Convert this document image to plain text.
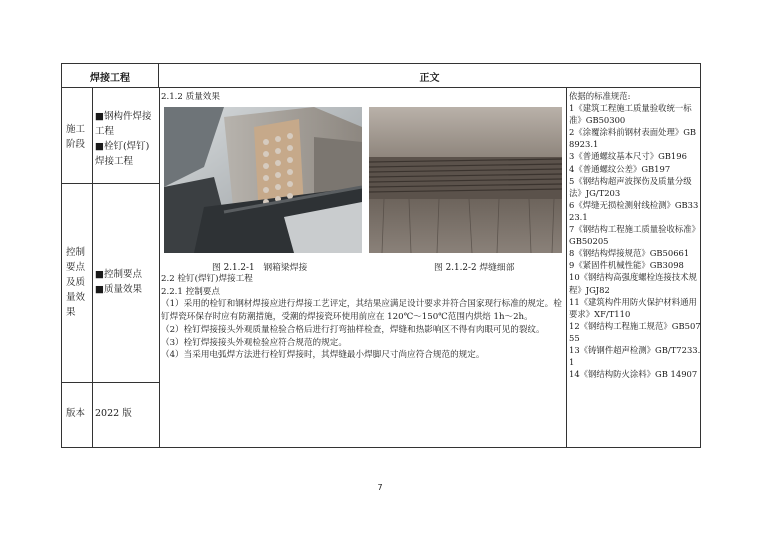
焊接工程	正文
施工
阶段
■钢构件焊接
工程
■栓钉(焊钉)
焊接工程
控制
要点
及质
量效
果
■控制要点
■质量效果
版本 2022 版

2.1.2 质量效果

图 2.1.2-1　钢箱梁焊接	图 2.1.2-2 焊缝细部

2.2 栓钉(焊钉)焊接工程

2.2.1 控制要点

（1）采用的栓钉和钢材焊接应进行焊接工艺评定，其结果应满足设计要求并符合国家现行标准的规定。栓钉焊瓷环保存时应有防潮措施，受潮的焊接瓷环使用前应在 120℃～150℃范围内烘焙 1h～2h。

（2）栓钉焊接接头外观质量检验合格后进行打弯抽样检查，焊缝和热影响区不得有肉眼可见的裂纹。

（3）栓钉焊接接头外观检验应符合规范的规定。

（4）当采用电弧焊方法进行栓钉焊接时，其焊缝最小焊脚尺寸尚应符合规范的规定。

依据的标准规范:
1《建筑工程施工质量验收统一标准》GB50300
2《涂覆涂料前钢材表面处理》GB8923.1
3《普通螺纹基本尺寸》GB196
4《普通螺纹公差》GB197
5《钢结构超声波探伤及质量分级法》JG/T203
6《焊缝无损检测射线检测》GB3323.1
7《钢结构工程施工质量验收标准》GB50205
8《钢结构焊接规范》GB50661
9《紧固件机械性能》GB3098
10《钢结构高强度螺栓连接技术规程》JGJ82
11《建筑构件用防火保护材料通用要求》XF/T110
12《钢结构工程施工规范》GB50755
13《铸钢件超声检测》GB/T7233.1
14《钢结构防火涂料》GB 14907
7
